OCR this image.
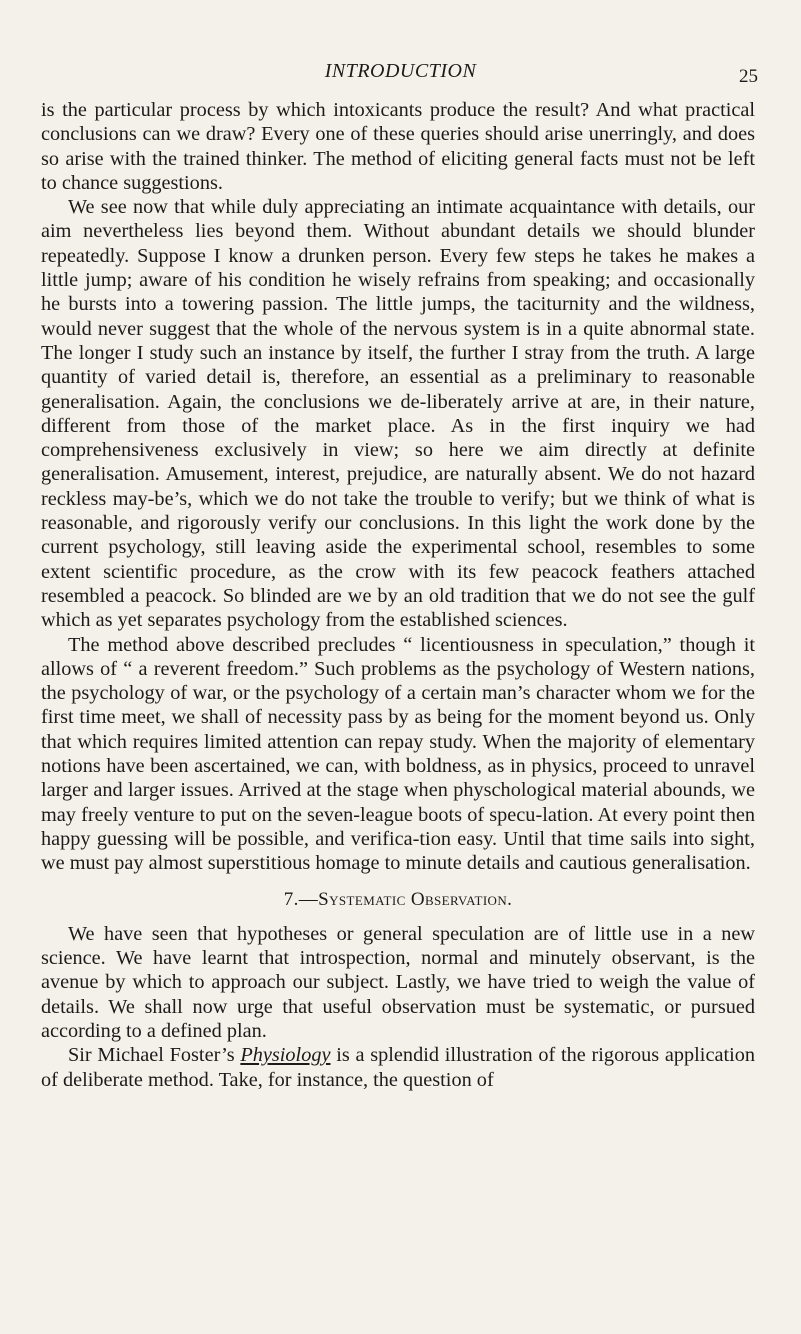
INTRODUCTION	25

is the particular process by which intoxicants produce the result? And what practical conclusions can we draw? Every one of these queries should arise unerringly, and does so arise with the trained thinker. The method of eliciting general facts must not be left to chance suggestions.

We see now that while duly appreciating an intimate acquaintance with details, our aim nevertheless lies beyond them. Without abundant details we should blunder repeatedly. Suppose I know a drunken person. Every few steps he takes he makes a little jump; aware of his condition he wisely refrains from speaking; and occasionally he bursts into a towering passion. The little jumps, the taciturnity and the wildness, would never suggest that the whole of the nervous system is in a quite abnormal state. The longer I study such an instance by itself, the further I stray from the truth. A large quantity of varied detail is, therefore, an essential as a preliminary to reasonable generalisation. Again, the conclusions we de-liberately arrive at are, in their nature, different from those of the market place. As in the first inquiry we had comprehensiveness exclusively in view; so here we aim directly at definite generalisation. Amusement, interest, prejudice, are naturally absent. We do not hazard reckless may-be’s, which we do not take the trouble to verify; but we think of what is reasonable, and rigorously verify our conclusions. In this light the work done by the current psychology, still leaving aside the experimental school, resembles to some extent scientific procedure, as the crow with its few peacock feathers attached resembled a peacock. So blinded are we by an old tradition that we do not see the gulf which as yet separates psychology from the established sciences.

The method above described precludes “ licentiousness in speculation,” though it allows of “ a reverent freedom.” Such problems as the psychology of Western nations, the psychology of war, or the psychology of a certain man’s character whom we for the first time meet, we shall of necessity pass by as being for the moment beyond us. Only that which requires limited attention can repay study. When the majority of elementary notions have been ascertained, we can, with boldness, as in physics, proceed to unravel larger and larger issues. Arrived at the stage when physchological material abounds, we may freely venture to put on the seven-league boots of specu-lation. At every point then happy guessing will be possible, and verifica-tion easy. Until that time sails into sight, we must pay almost superstitious homage to minute details and cautious generalisation.

7.—Systematic Observation.

We have seen that hypotheses or general speculation are of little use in a new science. We have learnt that introspection, normal and minutely observant, is the avenue by which to approach our subject. Lastly, we have tried to weigh the value of details. We shall now urge that useful observation must be systematic, or pursued according to a defined plan.

Sir Michael Foster’s Physiology is a splendid illustration of the rigorous application of deliberate method. Take, for instance, the question of
